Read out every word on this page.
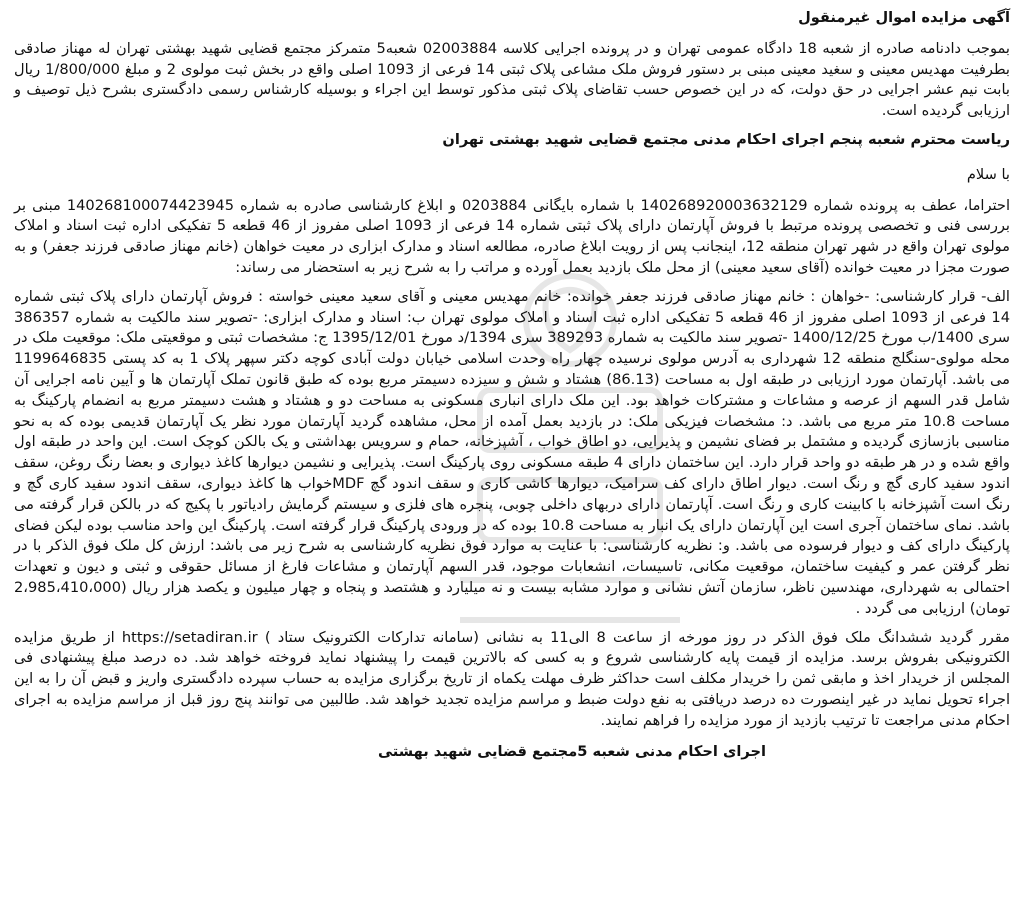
آگهی مزایده اموال غیرمنقول
بموجب دادنامه صادره از شعبه 18 دادگاه عمومی تهران و در پرونده اجرایی کلاسه 02003884 شعبه5 متمرکز مجتمع قضایی شهید بهشتی تهران له مهناز صادقی بطرفیت مهدیس معینی و سغید معینی مبنی بر دستور فروش ملک مشاعی پلاک ثبتی 14 فرعی از 1093 اصلی واقع در بخش ثبت مولوی 2 و مبلغ 1/800/000 ریال بابت نیم عشر اجرایی در حق دولت، که در این خصوص حسب تقاضای پلاک ثبتی مذکور توسط این اجراء و بوسیله کارشناس رسمی دادگستری بشرح ذیل توصیف و ارزیابی گردیده است.
ریاست محترم شعبه پنجم اجرای احکام مدنی مجتمع قضایی شهید بهشتی تهران
با سلام
احتراما، عطف به پرونده شماره 140268920003632129 با شماره بایگانی 0203884 و ابلاغ کارشناسی صادره به شماره 140268100074423945 مبنی بر بررسی فنی و تخصصی پرونده مرتبط با فروش آپارتمان دارای پلاک ثبتی شماره 14 فرعی از 1093 اصلی مفروز از 46 قطعه 5 تفکیکی اداره ثبت اسناد و املاک مولوی تهران واقع در شهر تهران منطقه 12، اینجانب پس از رویت ابلاغ صادره، مطالعه اسناد و مدارک ابزاری در معیت خواهان (خانم مهناز صادقی فرزند جعفر) و به صورت مجزا در معیت خوانده (آقای سعید معینی) از محل ملک بازدید بعمل آورده و مراتب را به شرح زیر به استحضار می رساند:
الف- قرار کارشناسی: -خواهان : خانم مهناز صادقی فرزند جعفر خوانده: خانم مهدیس معینی و آقای سعید معینی خواسته : فروش آپارتمان دارای پلاک ثبتی شماره 14 فرعی از 1093 اصلی مفروز از 46 قطعه 5 تفکیکی اداره ثبت اسناد و املاک مولوی تهران ب: اسناد و مدارک ابزاری: -تصویر سند مالکیت به شماره 386357 سری 1400/ب مورخ 1400/12/25 -تصویر سند مالکیت به شماره 389293 سری 1394/د مورخ 1395/12/01 ج: مشخصات ثبتی و موقعیتی ملک: موقعیت ملک در محله مولوی-سنگلج منطقه 12 شهرداری به آدرس مولوی نرسیده چهار راه وحدت اسلامی خیابان دولت آبادی کوچه دکتر سپهر پلاک 1 به کد پستی 1199646835 می باشد. آپارتمان مورد ارزیابی در طبقه اول به مساحت (86.13) هشتاد و شش و سیزده دسیمتر مربع بوده که طبق قانون تملک آپارتمان ها و آیین نامه اجرایی آن شامل قدر السهم از عرصه و مشاعات و مشترکات خواهد بود. این ملک دارای انباری مسکونی به مساحت دو و هشتاد و هشت دسیمتر مربع به انضمام پارکینگ به مساحت 10.8 متر مربع می باشد. د: مشخصات فیزیکی ملک: در بازدید بعمل آمده از محل، مشاهده گردید آپارتمان مورد نظر یک آپارتمان قدیمی بوده که به نحو مناسبی بازسازی گردیده و مشتمل بر فضای نشیمن و پذیرایی، دو اطاق خواب ، آشپزخانه، حمام و سرویس بهداشتی و یک بالکن کوچک است. این واحد در طبقه اول واقع شده و در هر طبقه دو واحد قرار دارد. این ساختمان دارای 4 طبقه مسکونی روی پارکینگ است. پذیرایی و نشیمن دیوارها کاغذ دیواری و بعضا رنگ روغن، سقف اندود سفید کاری گچ و رنگ است. دیوار اطاق دارای کف سرامیک، دیوارها کاشی کاری و سقف اندود گچ MDFخواب ها کاغذ دیواری، سقف اندود سفید کاری گچ و رنگ است آشپزخانه با کابینت کاری و رنگ است. آپارتمان دارای دربهای داخلی چوبی، پنجره های فلزی و سیستم گرمایش رادیاتور با پکیج که در بالکن قرار گرفته می باشد. نمای ساختمان آجری است این آپارتمان دارای یک انبار به مساحت 10.8 بوده که در ورودی پارکینگ قرار گرفته است. پارکینگ این واحد مناسب بوده لیکن فضای پارکینگ دارای کف و دیوار فرسوده می باشد. و: نظریه کارشناسی: با عنایت به موارد فوق نظریه کارشناسی به شرح زیر می باشد: ارزش کل ملک فوق الذکر با در نظر گرفتن عمر و کیفیت ساختمان، موقعیت مکانی، تاسیسات، انشعابات موجود، قدر السهم آپارتمان و مشاعات فارغ از مسائل حقوقی و ثبتی و دیون و تعهدات احتمالی به شهرداری، مهندسین ناظر، سازمان آتش نشانی و موارد مشابه بیست و نه میلیارد و هشتصد و پنجاه و چهار میلیون و یکصد هزار ریال (2،985،410،000 تومان) ارزیابی می گردد .
مقرر گردید ششدانگ ملک فوق الذکر در روز مورخه از ساعت 8 الی11 به نشانی (سامانه تدارکات الکترونیک ستاد ) https://setadiran.ir از طریق مزایده الکترونیکی بفروش برسد. مزایده از قیمت پایه کارشناسی شروع و به کسی که بالاترین قیمت را پیشنهاد نماید فروخته خواهد شد. ده درصد مبلغ پیشنهادی فی المجلس از خریدار اخذ و مابقی ثمن را خریدار مکلف است حداکثر ظرف مهلت یکماه از تاریخ برگزاری مزایده به حساب سپرده دادگستری واریز و قبض آن را به این اجراء تحویل نماید در غیر اینصورت ده درصد دریافتی به نفع دولت ضبط و مراسم مزایده تجدید خواهد شد. طالبین می توانند پنج روز قبل از مراسم مزایده به اجرای احکام مدنی مراجعت تا ترتیب بازدید از مورد مزایده را فراهم نمایند.
اجرای احکام مدنی شعبه 5مجتمع قضایی شهید بهشتی
